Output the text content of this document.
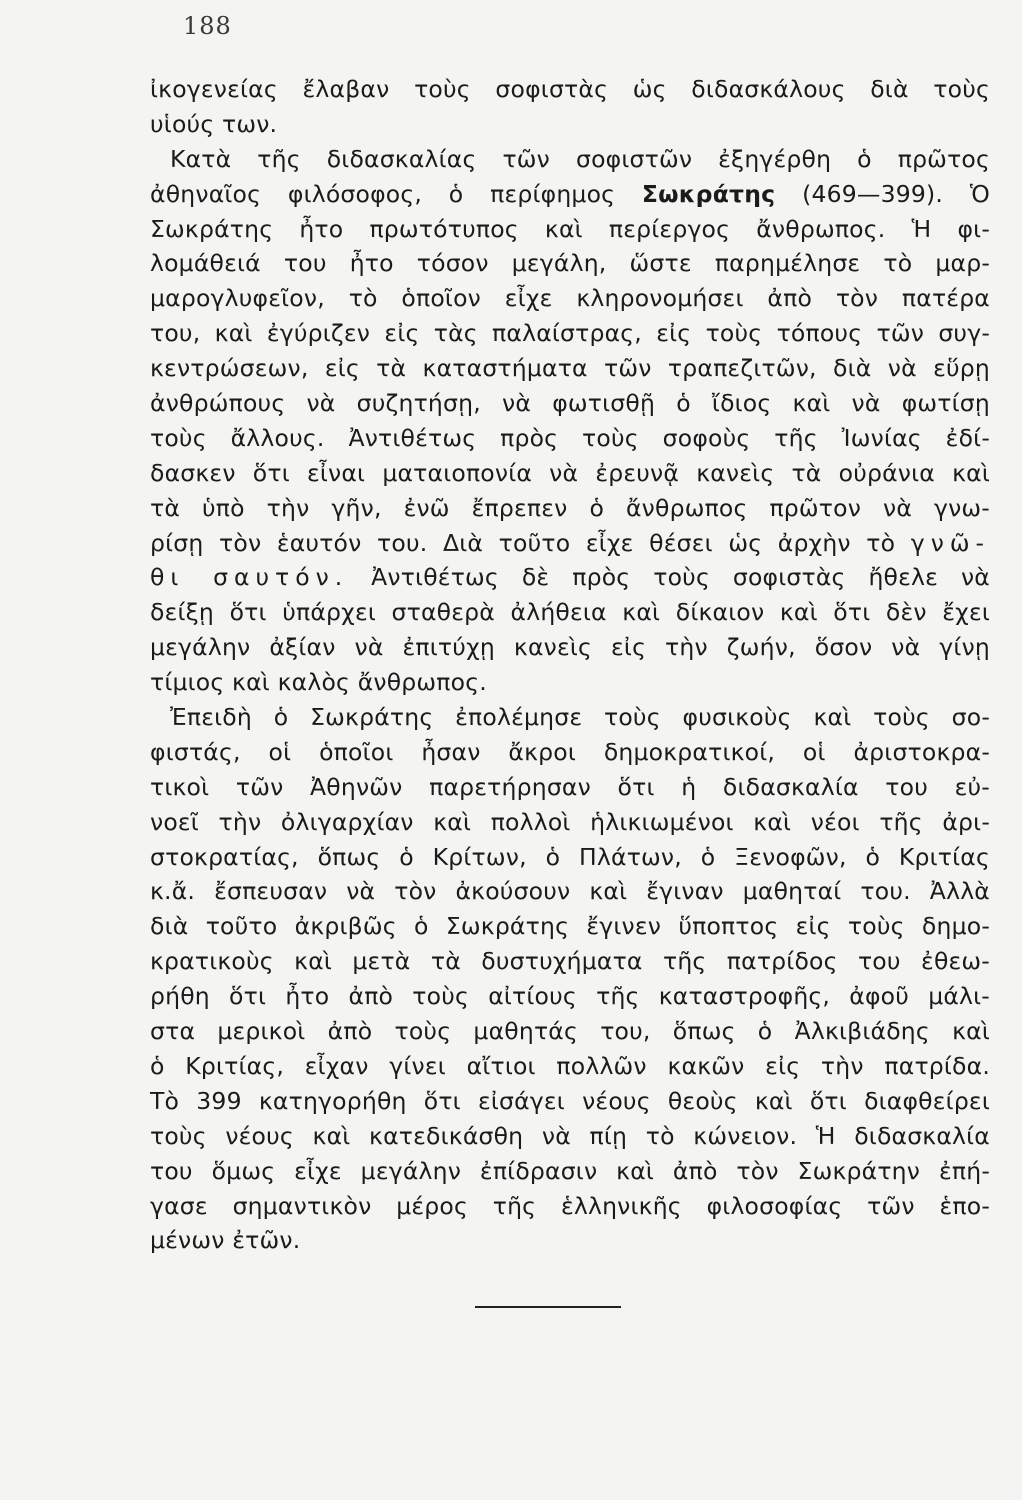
188
ἰκογενείας ἔλαβαν τοὺς σοφιστὰς ὡς διδασκάλους διὰ τοὺς
υἱούς των.
Κατὰ τῆς διδασκαλίας τῶν σοφιστῶν ἐξηγέρθη ὁ πρῶτος
ἀθηναῖος φιλόσοφος, ὁ περίφημος Σωκράτης (469—399). Ὁ
Σωκράτης ἦτο πρωτότυπος καὶ περίεργος ἄνθρωπος. Ἡ φι-
λομάθειά του ἦτο τόσον μεγάλη, ὥστε παρημέλησε τὸ μαρ-
μαρογλυφεῖον, τὸ ὁποῖον εἶχε κληρονομήσει ἀπὸ τὸν πατέρα
του, καὶ ἐγύριζεν εἰς τὰς παλαίστρας, εἰς τοὺς τόπους τῶν συγ-
κεντρώσεων, εἰς τὰ καταστήματα τῶν τραπεζιτῶν, διὰ νὰ εὕρῃ
ἀνθρώπους νὰ συζητήσῃ, νὰ φωτισθῇ ὁ ἴδιος καὶ νὰ φωτίσῃ
τοὺς ἄλλους. Ἀντιθέτως πρὸς τοὺς σοφοὺς τῆς Ἰωνίας ἐδί-
δασκεν ὅτι εἶναι ματαιοπονία νὰ ἐρευνᾷ κανεὶς τὰ οὐράνια καὶ
τὰ ὑπὸ τὴν γῆν, ἐνῶ ἔπρεπεν ὁ ἄνθρωπος πρῶτον νὰ γνω-
ρίσῃ τὸν ἑαυτόν του. Διὰ τοῦτο εἶχε θέσει ὡς ἀρχὴν τὸ γνῶ-
θι σαυτόν. Ἀντιθέτως δὲ πρὸς τοὺς σοφιστὰς ἤθελε νὰ
δείξῃ ὅτι ὑπάρχει σταθερὰ ἀλήθεια καὶ δίκαιον καὶ ὅτι δὲν ἔχει
μεγάλην ἀξίαν νὰ ἐπιτύχῃ κανεὶς εἰς τὴν ζωήν, ὅσον νὰ γίνῃ
τίμιος καὶ καλὸς ἄνθρωπος.
Ἐπειδὴ ὁ Σωκράτης ἐπολέμησε τοὺς φυσικοὺς καὶ τοὺς σο-
φιστάς, οἱ ὁποῖοι ἦσαν ἄκροι δημοκρατικοί, οἱ ἀριστοκρα-
τικοὶ τῶν Ἀθηνῶν παρετήρησαν ὅτι ἡ διδασκαλία του εὐ-
νοεῖ τὴν ὀλιγαρχίαν καὶ πολλοὶ ἡλικιωμένοι καὶ νέοι τῆς ἀρι-
στοκρατίας, ὅπως ὁ Κρίτων, ὁ Πλάτων, ὁ Ξενοφῶν, ὁ Κριτίας
κ.ἄ. ἔσπευσαν νὰ τὸν ἀκούσουν καὶ ἔγιναν μαθηταί του. Ἀλλὰ
διὰ τοῦτο ἀκριβῶς ὁ Σωκράτης ἔγινεν ὕποπτος εἰς τοὺς δημο-
κρατικοὺς καὶ μετὰ τὰ δυστυχήματα τῆς πατρίδος του ἐθεω-
ρήθη ὅτι ἦτο ἀπὸ τοὺς αἰτίους τῆς καταστροφῆς, ἀφοῦ μάλι-
στα μερικοὶ ἀπὸ τοὺς μαθητάς του, ὅπως ὁ Ἀλκιβιάδης καὶ
ὁ Κριτίας, εἶχαν γίνει αἴτιοι πολλῶν κακῶν εἰς τὴν πατρίδα.
Τὸ 399 κατηγορήθη ὅτι εἰσάγει νέους θεοὺς καὶ ὅτι διαφθείρει
τοὺς νέους καὶ κατεδικάσθη νὰ πίῃ τὸ κώνειον. Ἡ διδασκαλία
του ὅμως εἶχε μεγάλην ἐπίδρασιν καὶ ἀπὸ τὸν Σωκράτην ἐπή-
γασε σημαντικὸν μέρος τῆς ἑλληνικῆς φιλοσοφίας τῶν ἑπο-
μένων ἐτῶν.
